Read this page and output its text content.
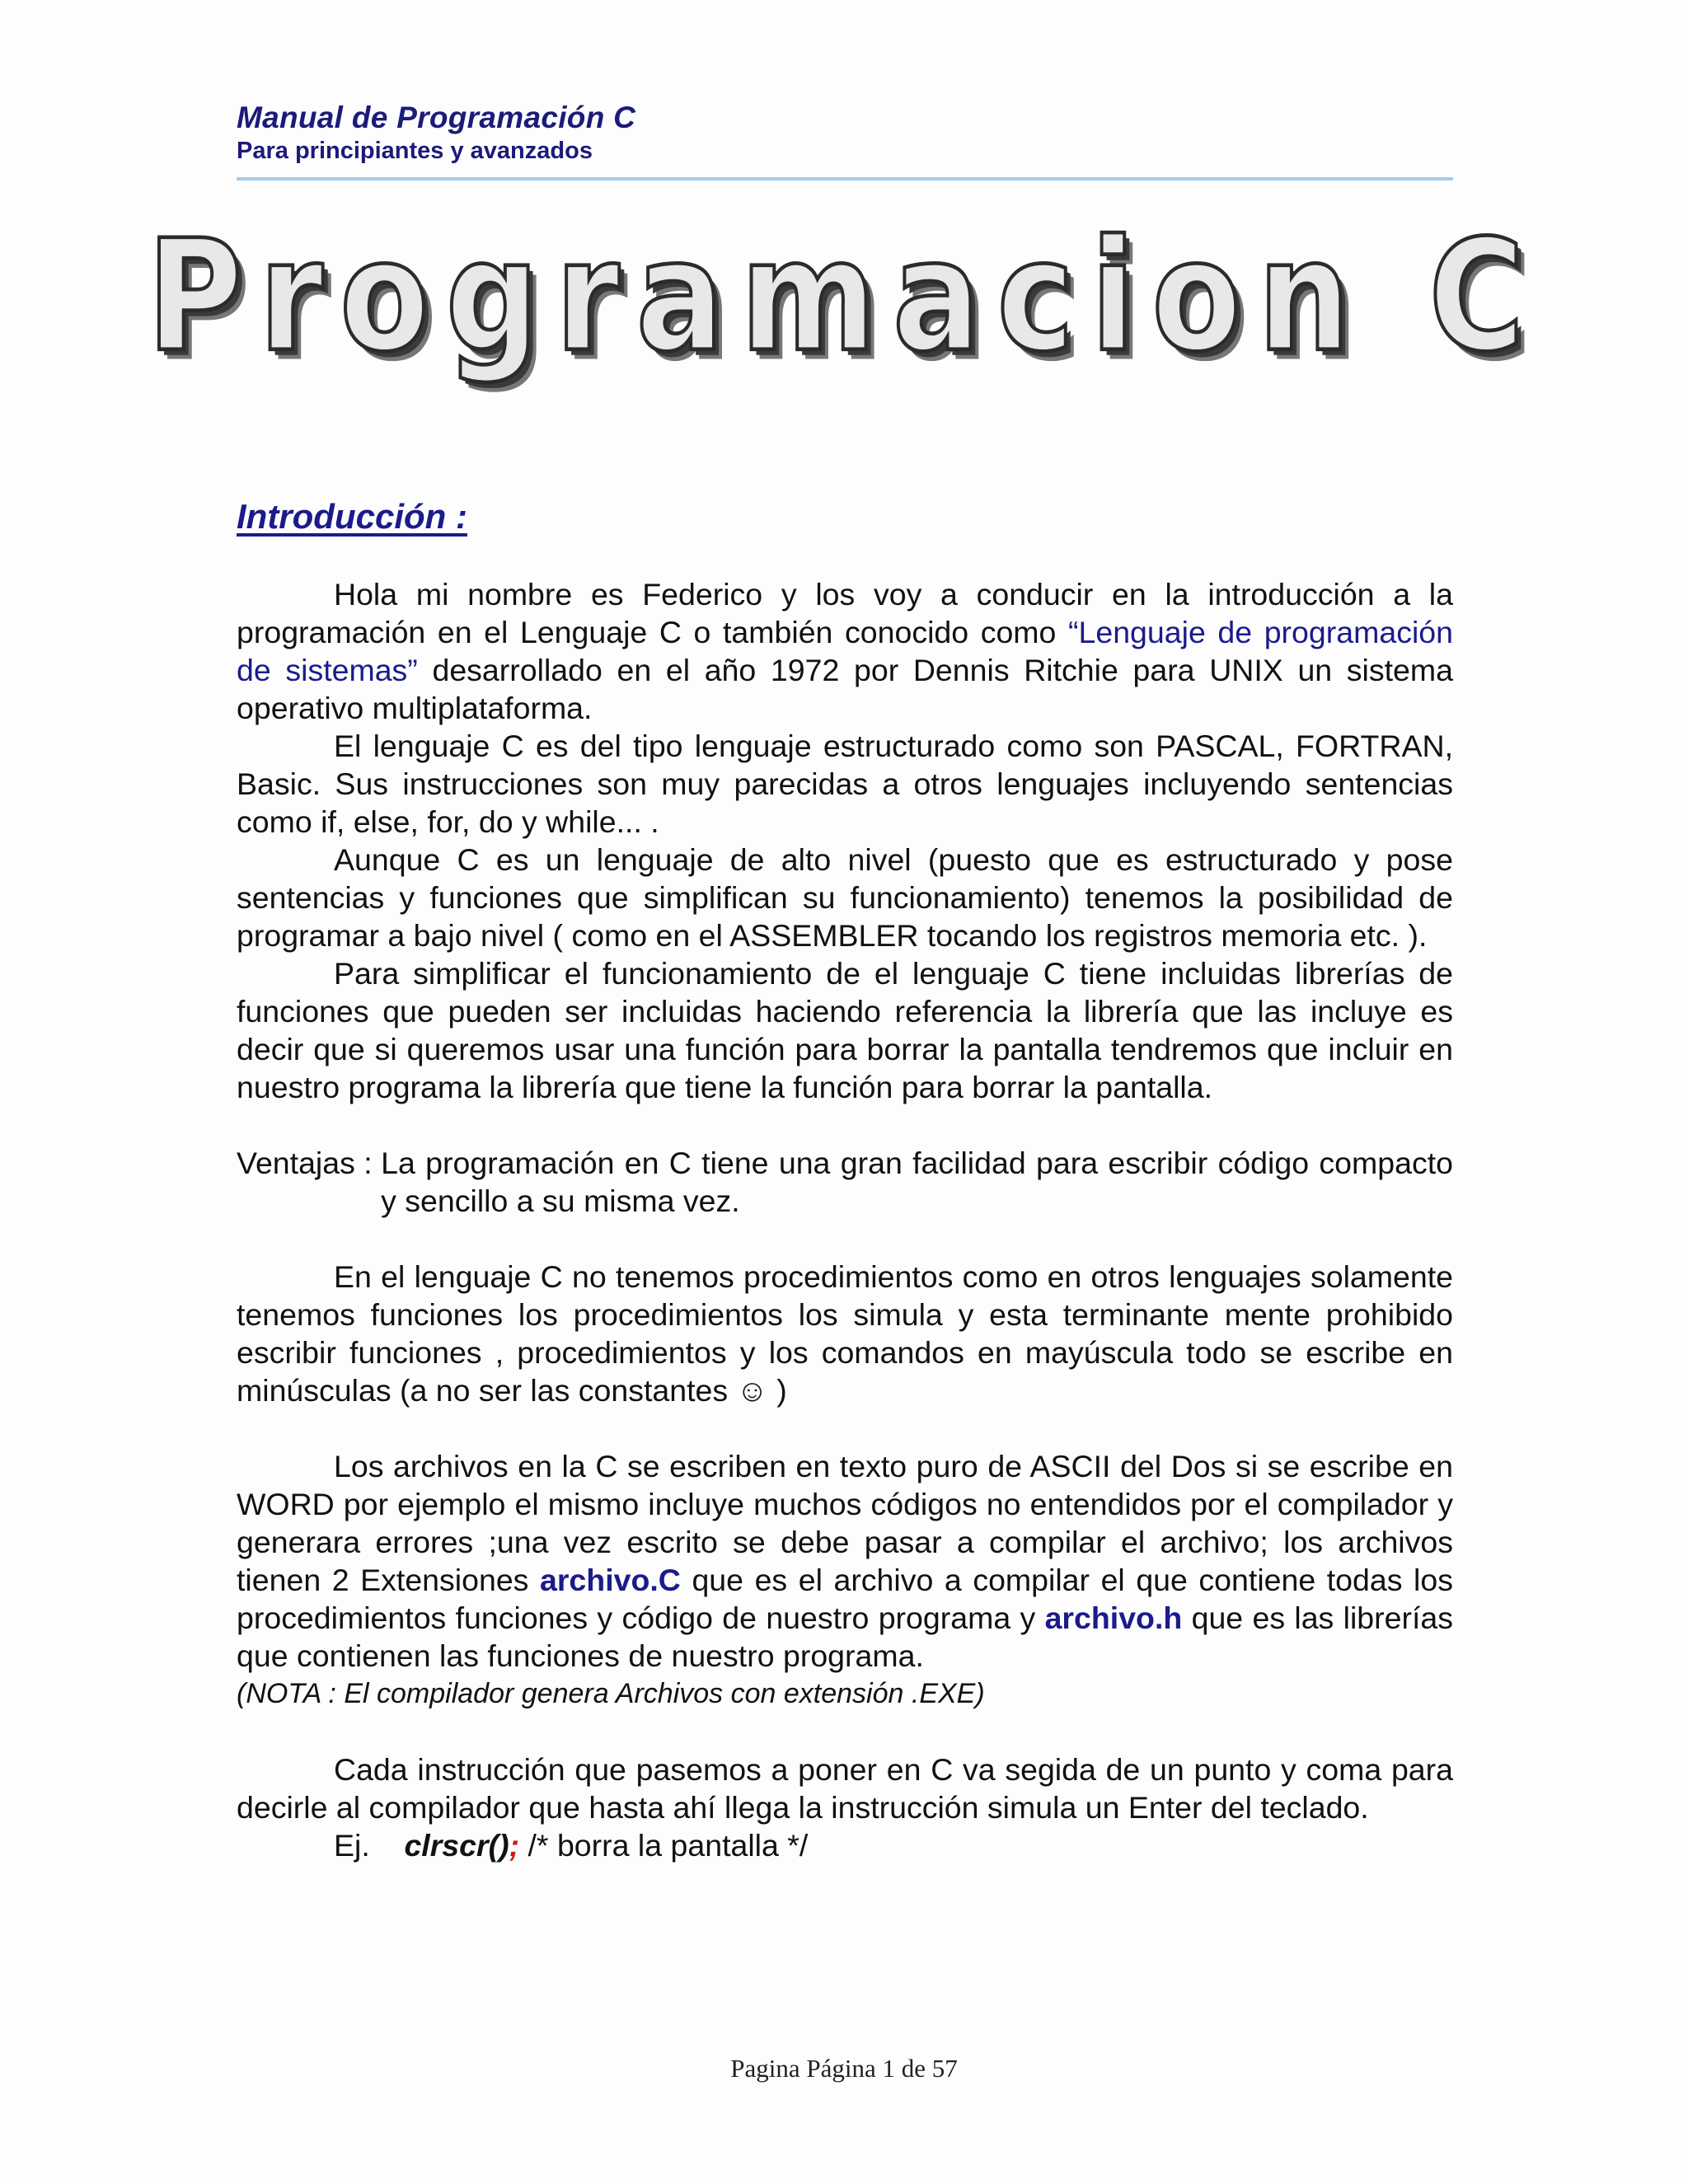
Manual de Programación C
Para principiantes y avanzados
Programacion C
Introducción :

Hola mi nombre es Federico y los voy a conducir en la introducción a la programación en el Lenguaje C o también conocido como “Lenguaje de programación de sistemas” desarrollado en el año 1972 por Dennis Ritchie para UNIX un sistema operativo multiplataforma.

El lenguaje C es del tipo lenguaje estructurado como son PASCAL, FORTRAN, Basic. Sus instrucciones son muy parecidas a otros lenguajes incluyendo sentencias como if, else, for, do y while... .

Aunque C es un lenguaje de alto nivel (puesto que es estructurado y pose sentencias y funciones que simplifican su funcionamiento) tenemos la posibilidad de programar a bajo nivel ( como en el ASSEMBLER tocando los registros memoria etc. ).

Para simplificar el funcionamiento de el lenguaje C tiene incluidas librerías de funciones que pueden ser incluidas haciendo referencia la librería que las incluye es decir que si queremos usar una función para borrar la pantalla tendremos que incluir en nuestro programa la librería que tiene la función para borrar la pantalla.

Ventajas : La programación en C tiene una gran facilidad para escribir código compacto y sencillo a su misma vez.

En el lenguaje C no tenemos procedimientos como en otros lenguajes solamente tenemos funciones los procedimientos los simula y esta terminante mente prohibido escribir funciones , procedimientos y los comandos en mayúscula todo se escribe en minúsculas (a no ser las constantes ☺ )

Los archivos en la C se escriben en texto puro de ASCII del Dos si se escribe en WORD por ejemplo el mismo incluye muchos códigos no entendidos por el compilador y generara errores ;una vez escrito se debe pasar a compilar el archivo; los archivos tienen 2 Extensiones archivo.C que es el archivo a compilar el que contiene todas los procedimientos funciones y código de nuestro programa y archivo.h que es las librerías que contienen las funciones de nuestro programa.

(NOTA : El compilador genera Archivos con extensión .EXE)

Cada instrucción que pasemos a poner en C va segida de un punto y coma para decirle al compilador que hasta ahí llega la instrucción simula un Enter del teclado.

Ej.    clrscr(); /* borra la pantalla */

Pagina Página 1 de 57
